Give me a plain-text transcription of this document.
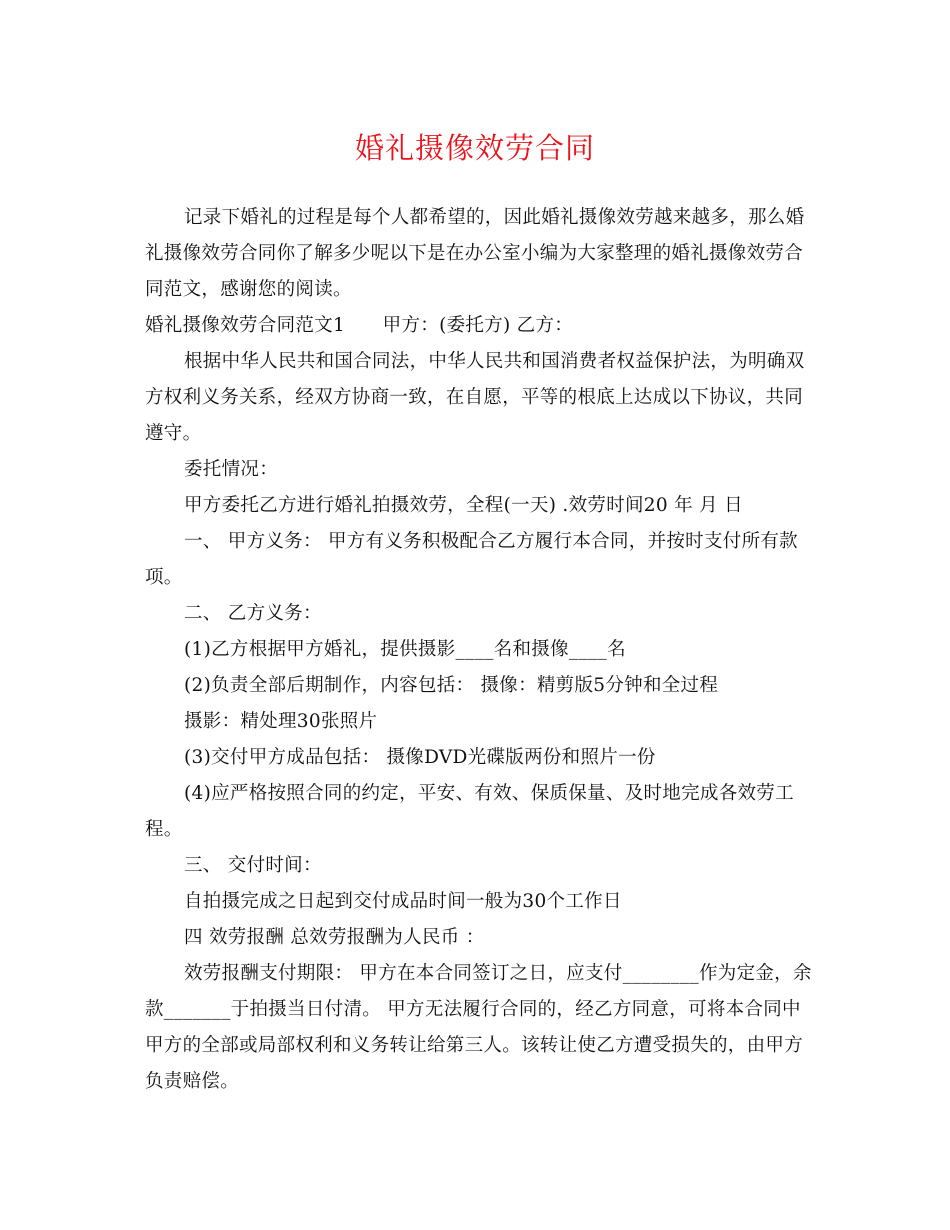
婚礼摄像效劳合同
记录下婚礼的过程是每个人都希望的，因此婚礼摄像效劳越来越多，那么婚
礼摄像效劳合同你了解多少呢以下是在办公室小编为大家整理的婚礼摄像效劳合
同范文，感谢您的阅读。
婚礼摄像效劳合同范文1　　甲方：(委托方) 乙方：
根据中华人民共和国合同法，中华人民共和国消费者权益保护法，为明确双
方权利义务关系，经双方协商一致，在自愿，平等的根底上达成以下协议，共同
遵守。
委托情况：
甲方委托乙方进行婚礼拍摄效劳，全程(一天) .效劳时间20 年 月 日
一、 甲方义务： 甲方有义务积极配合乙方履行本合同，并按时支付所有款
项。
二、 乙方义务：
(1)乙方根据甲方婚礼，提供摄影____名和摄像____名
(2)负责全部后期制作，内容包括： 摄像：精剪版5分钟和全过程
摄影：精处理30张照片
(3)交付甲方成品包括： 摄像DVD光碟版两份和照片一份
(4)应严格按照合同的约定，平安、有效、保质保量、及时地完成各效劳工
程。
三、 交付时间：
自拍摄完成之日起到交付成品时间一般为30个工作日
四 效劳报酬 总效劳报酬为人民币 ：
效劳报酬支付期限： 甲方在本合同签订之日，应支付________作为定金，余
款_______于拍摄当日付清。 甲方无法履行合同的，经乙方同意，可将本合同中
甲方的全部或局部权利和义务转让给第三人。该转让使乙方遭受损失的，由甲方
负责赔偿。
